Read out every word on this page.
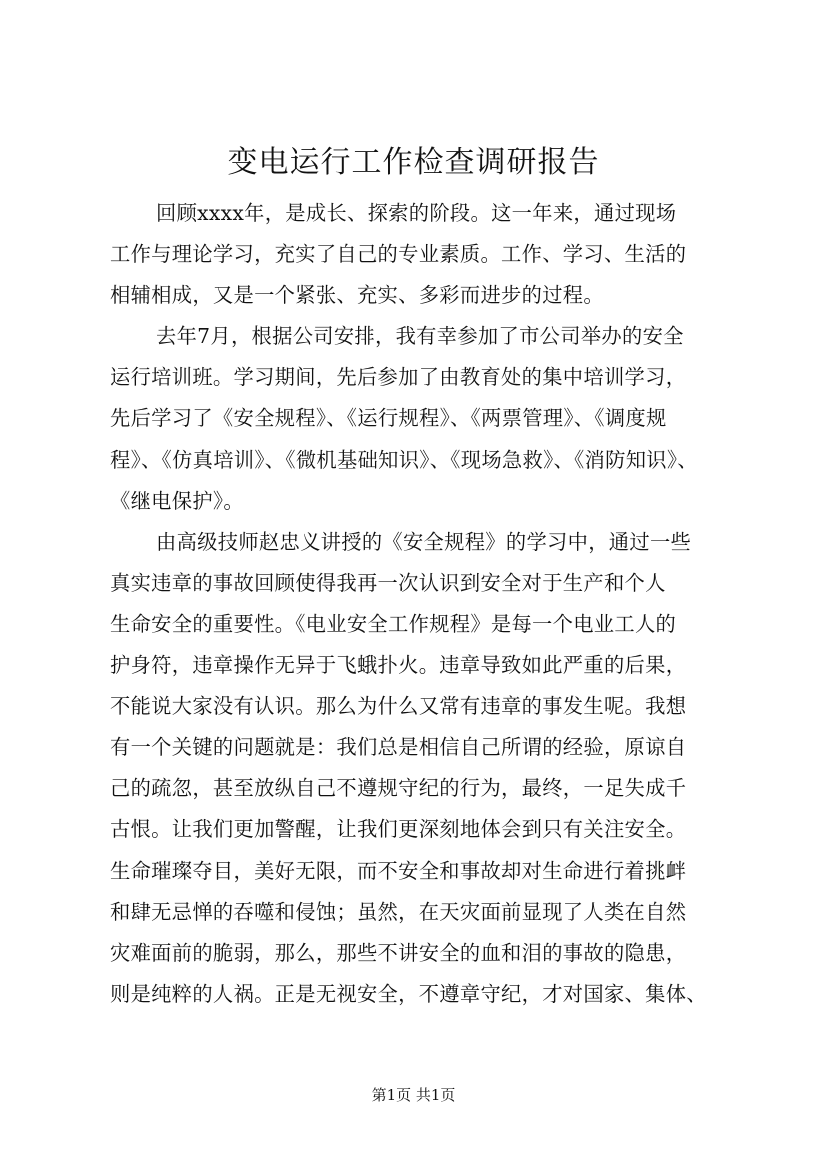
变电运行工作检查调研报告
回顾xxxx年，是成长、探索的阶段。这一年来，通过现场
工作与理论学习，充实了自己的专业素质。工作、学习、生活的
相辅相成，又是一个紧张、充实、多彩而进步的过程。
去年7月，根据公司安排，我有幸参加了市公司举办的安全
运行培训班。学习期间，先后参加了由教育处的集中培训学习，
先后学习了《安全规程》、《运行规程》、《两票管理》、《调度规
程》、《仿真培训》、《微机基础知识》、《现场急救》、《消防知识》、
《继电保护》。
由高级技师赵忠义讲授的《安全规程》的学习中，通过一些
真实违章的事故回顾使得我再一次认识到安全对于生产和个人
生命安全的重要性。《电业安全工作规程》是每一个电业工人的
护身符，违章操作无异于飞蛾扑火。违章导致如此严重的后果，
不能说大家没有认识。那么为什么又常有违章的事发生呢。我想
有一个关键的问题就是：我们总是相信自己所谓的经验，原谅自
己的疏忽，甚至放纵自己不遵规守纪的行为，最终，一足失成千
古恨。让我们更加警醒，让我们更深刻地体会到只有关注安全。
生命璀璨夺目，美好无限，而不安全和事故却对生命进行着挑衅
和肆无忌惮的吞噬和侵蚀；虽然，在天灾面前显现了人类在自然
灾难面前的脆弱，那么，那些不讲安全的血和泪的事故的隐患，
则是纯粹的人祸。正是无视安全，不遵章守纪，才对国家、集体、
第1页 共1页
